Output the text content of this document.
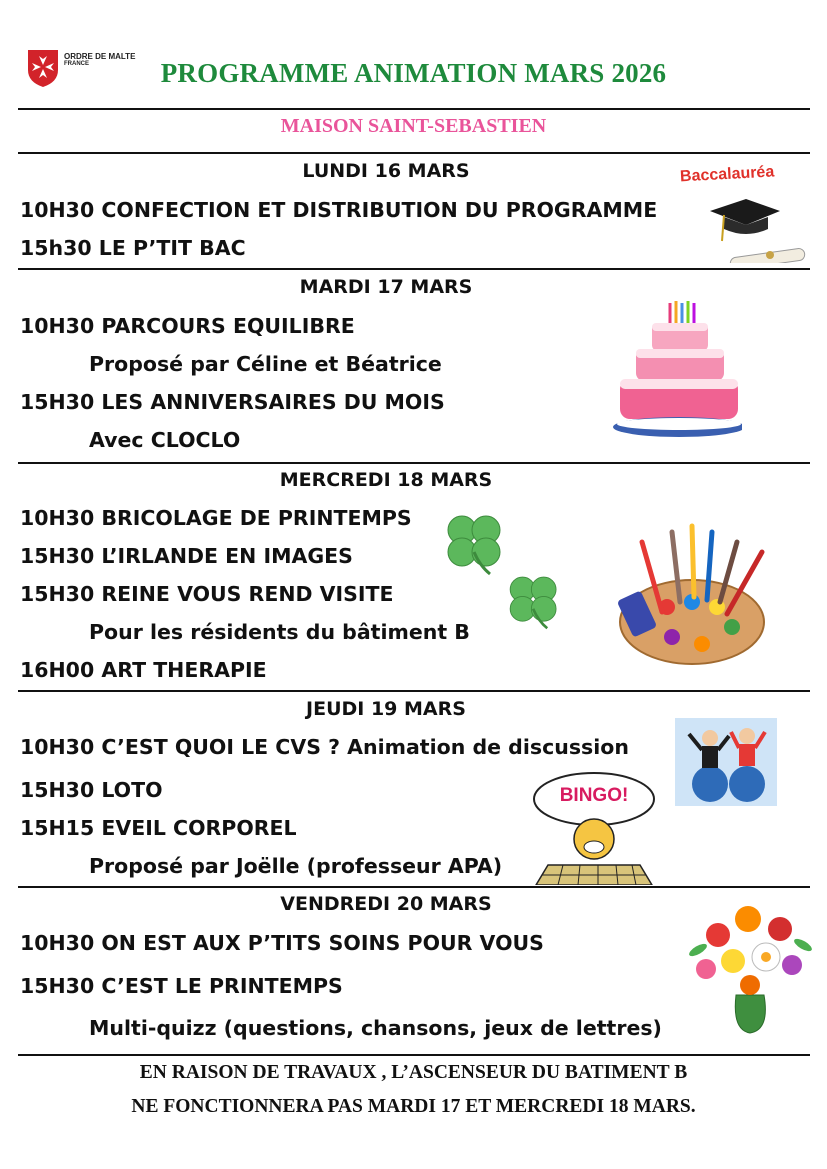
ORDRE DE MALTE
FRANCE	PROGRAMME ANIMATION MARS 2026
MAISON SAINT-SEBASTIEN
LUNDI 16 MARS
10H30 CONFECTION ET DISTRIBUTION DU PROGRAMME
15h30 LE P’TIT BAC
Baccalauréa
MARDI 17 MARS
10H30 PARCOURS EQUILIBRE
Proposé par Céline et Béatrice
15H30 LES ANNIVERSAIRES DU MOIS
Avec CLOCLO
MERCREDI 18 MARS
10H30 BRICOLAGE DE PRINTEMPS
15H30 L’IRLANDE EN IMAGES
15H30 REINE VOUS REND VISITE
Pour les résidents du bâtiment B
16H00 ART THERAPIE
JEUDI 19 MARS
10H30 C’EST QUOI LE CVS ? Animation de discussion
15H30 LOTO
15H15 EVEIL CORPOREL
Proposé par Joëlle (professeur APA)
BINGO!
VENDREDI 20 MARS
10H30 ON EST AUX P’TITS SOINS POUR VOUS
15H30 C’EST LE PRINTEMPS
Multi-quizz (questions, chansons, jeux de lettres)
EN RAISON DE TRAVAUX , L’ASCENSEUR DU BATIMENT B
NE FONCTIONNERA PAS MARDI 17 ET MERCREDI 18 MARS.
